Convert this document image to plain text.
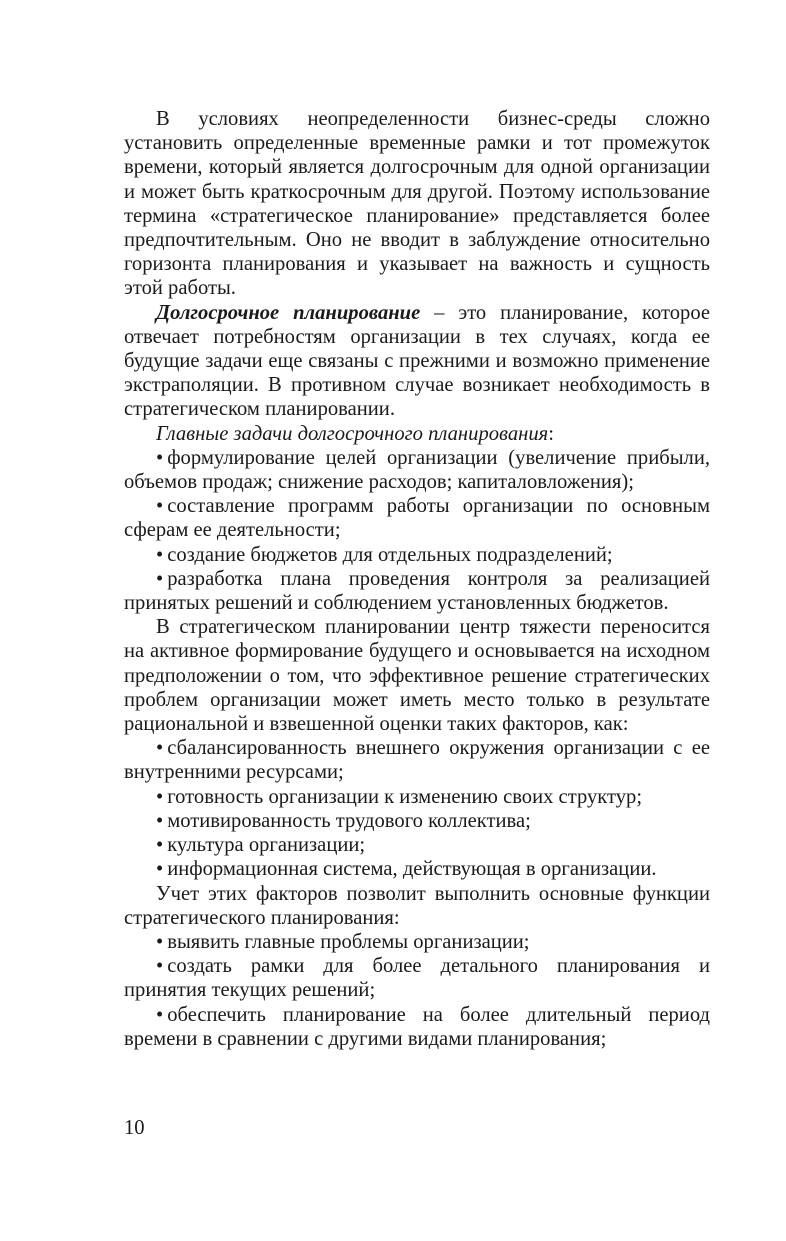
В условиях неопределенности бизнес-среды сложно установить определенные временные рамки и тот промежуток времени, который является долгосрочным для одной организации и может быть краткосрочным для другой. Поэтому использование термина «стратегическое планирование» представляется более предпочтительным. Оно не вводит в заблуждение относительно горизонта планирования и указывает на важность и сущность этой работы.

Долгосрочное планирование – это планирование, которое отвечает потребностям организации в тех случаях, когда ее будущие задачи еще связаны с прежними и возможно применение экстраполяции. В противном случае возникает необходимость в стратегическом планировании.

Главные задачи долгосрочного планирования:

• формулирование целей организации (увеличение прибыли, объемов продаж; снижение расходов; капиталовложения);

• составление программ работы организации по основным сферам ее деятельности;

• создание бюджетов для отдельных подразделений;

• разработка плана проведения контроля за реализацией принятых решений и соблюдением установленных бюджетов.

В стратегическом планировании центр тяжести переносится на активное формирование будущего и основывается на исходном предположении о том, что эффективное решение стратегических проблем организации может иметь место только в результате рациональной и взвешенной оценки таких факторов, как:

• сбалансированность внешнего окружения организации с ее внутренними ресурсами;

• готовность организации к изменению своих структур;

• мотивированность трудового коллектива;

• культура организации;

• информационная система, действующая в организации.

Учет этих факторов позволит выполнить основные функции стратегического планирования:

• выявить главные проблемы организации;

• создать рамки для более детального планирования и принятия текущих решений;

• обеспечить планирование на более длительный период времени в сравнении с другими видами планирования;

10
